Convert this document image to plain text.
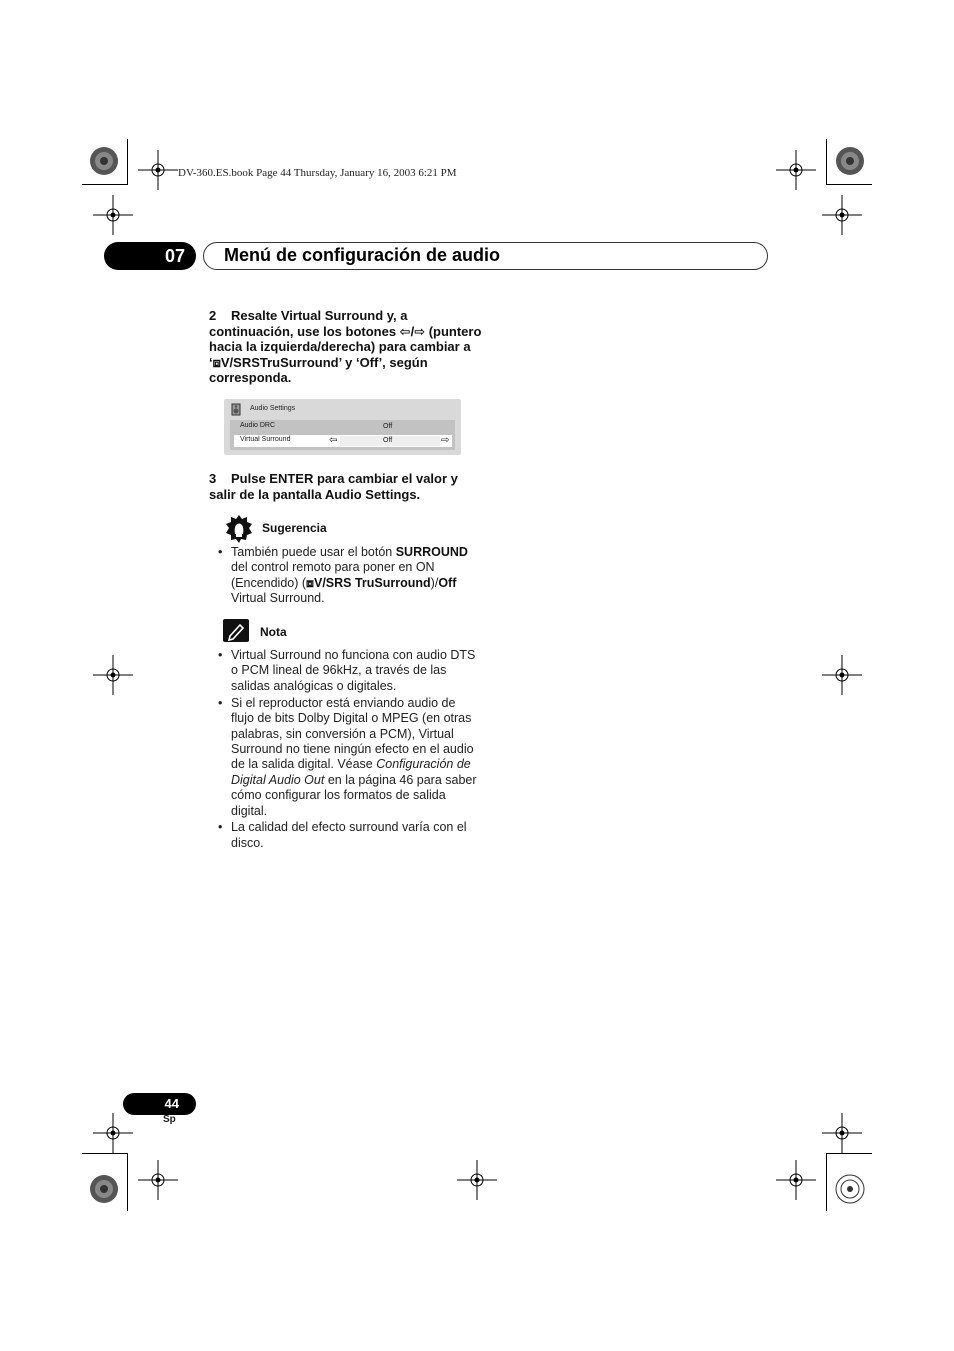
DV-360.ES.book Page 44 Thursday, January 16, 2003 6:21 PM
07	Menú de configuración de audio
2 Resalte Virtual Surround y, a continuación, use los botones ⇦/⇨ (puntero hacia la izquierda/derecha) para cambiar a ‘⧈V/SRSTruSurround’ y ‘Off’, según corresponda.
Audio Settings
Audio DRC	Off
Virtual Surround	⇦	Off	⇨
3 Pulse ENTER para cambiar el valor y salir de la pantalla Audio Settings.
Sugerencia
• También puede usar el botón SURROUND del control remoto para poner en ON (Encendido) (⧈V/SRS TruSurround)/Off Virtual Surround.
Nota
• Virtual Surround no funciona con audio DTS o PCM lineal de 96kHz, a través de las salidas analógicas o digitales.
• Si el reproductor está enviando audio de flujo de bits Dolby Digital o MPEG (en otras palabras, sin conversión a PCM), Virtual Surround no tiene ningún efecto en el audio de la salida digital. Véase Configuración de Digital Audio Out en la página 46 para saber cómo configurar los formatos de salida digital.
• La calidad del efecto surround varía con el disco.
44
Sp
